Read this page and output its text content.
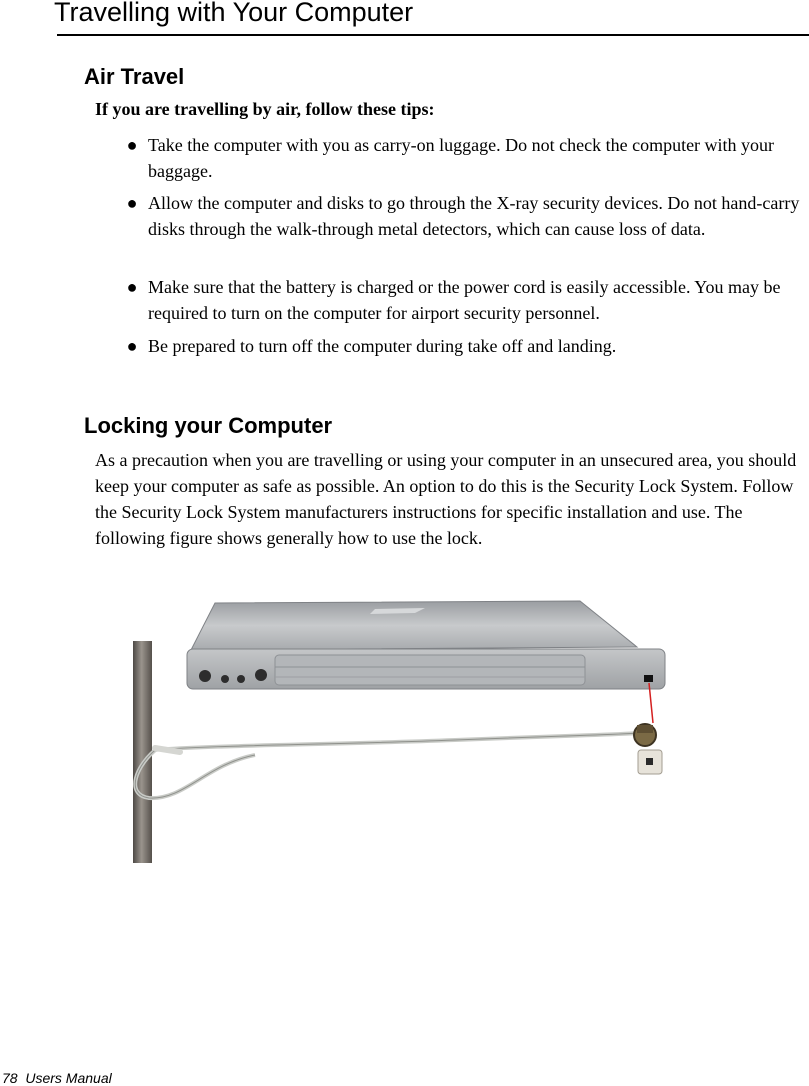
Travelling with Your Computer
Air Travel

If you are travelling by air, follow these tips:

● Take the computer with you as carry-on luggage. Do not check the computer with your baggage.
● Allow the computer and disks to go through the X-ray security devices. Do not hand-carry disks through the walk-through metal detectors, which can cause loss of data.
● Make sure that the battery is charged or the power cord is easily accessible. You may be required to turn on the computer for airport security personnel.
● Be prepared to turn off the computer during take off and landing.
Locking your Computer

As a precaution when you are travelling or using your computer in an unsecured area, you should keep your computer as safe as possible. An option to do this is the Security Lock System. Follow the Security Lock System manufacturers instructions for specific installation and use. The following figure shows generally how to use the lock.

78 Users Manual
